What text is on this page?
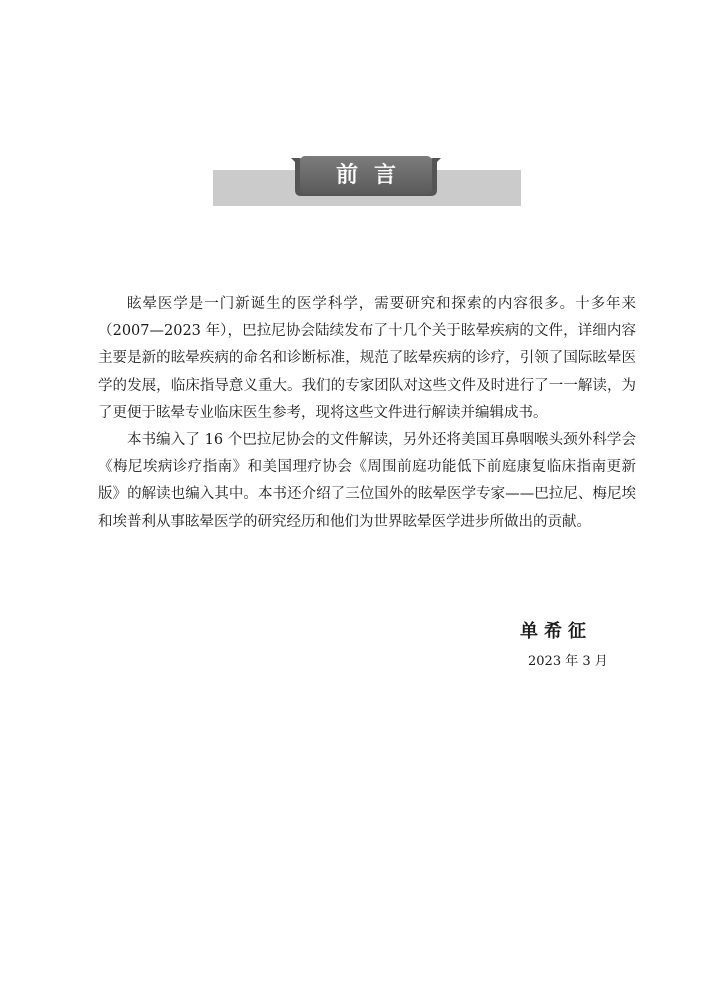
前言

眩晕医学是一门新诞生的医学科学，需要研究和探索的内容很多。十多年来（2007—2023 年），巴拉尼协会陆续发布了十几个关于眩晕疾病的文件，详细内容主要是新的眩晕疾病的命名和诊断标准，规范了眩晕疾病的诊疗，引领了国际眩晕医学的发展，临床指导意义重大。我们的专家团队对这些文件及时进行了一一解读，为了更便于眩晕专业临床医生参考，现将这些文件进行解读并编辑成书。

本书编入了 16 个巴拉尼协会的文件解读，另外还将美国耳鼻咽喉头颈外科学会《梅尼埃病诊疗指南》和美国理疗协会《周围前庭功能低下前庭康复临床指南更新版》的解读也编入其中。本书还介绍了三位国外的眩晕医学专家——巴拉尼、梅尼埃和埃普利从事眩晕医学的研究经历和他们为世界眩晕医学进步所做出的贡献。

单希征
2023 年 3 月
